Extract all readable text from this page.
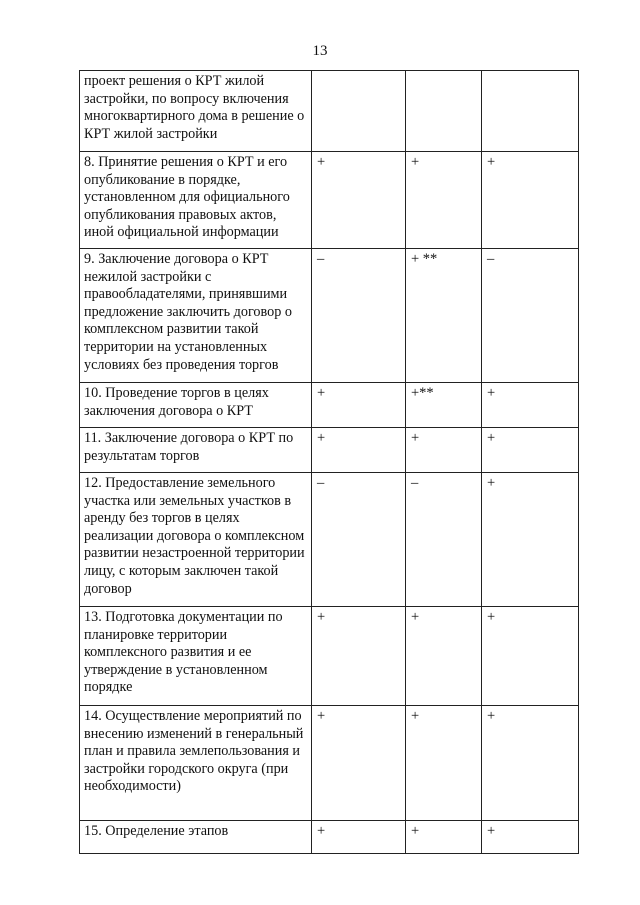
13
проект решения о КРТ жилой застройки, по вопросу включения многоквартирного дома в решение о КРТ жилой застройки			

8. Принятие решения о КРТ и его опубликование в порядке, установленном для официального опубликования правовых актов, иной официальной информации	+	+	+

9. Заключение договора о КРТ нежилой застройки с правообладателями, принявшими предложение заключить договор о комплексном развитии такой территории на установленных условиях без проведения торгов	–	+ **	–

10. Проведение торгов в целях заключения договора о КРТ	+	+**	+

11. Заключение договора о КРТ по результатам торгов	+	+	+

12. Предоставление земельного участка или земельных участков в аренду без торгов в целях реализации договора о комплексном развитии незастроенной территории лицу, с которым заключен такой договор	–	–	+

13. Подготовка документации по планировке территории комплексного развития и ее утверждение в установленном порядке	+	+	+

14. Осуществление мероприятий по внесению изменений в генеральный план и правила землепользования и застройки городского округа (при необходимости)	+	+	+

15. Определение этапов	+	+	+
